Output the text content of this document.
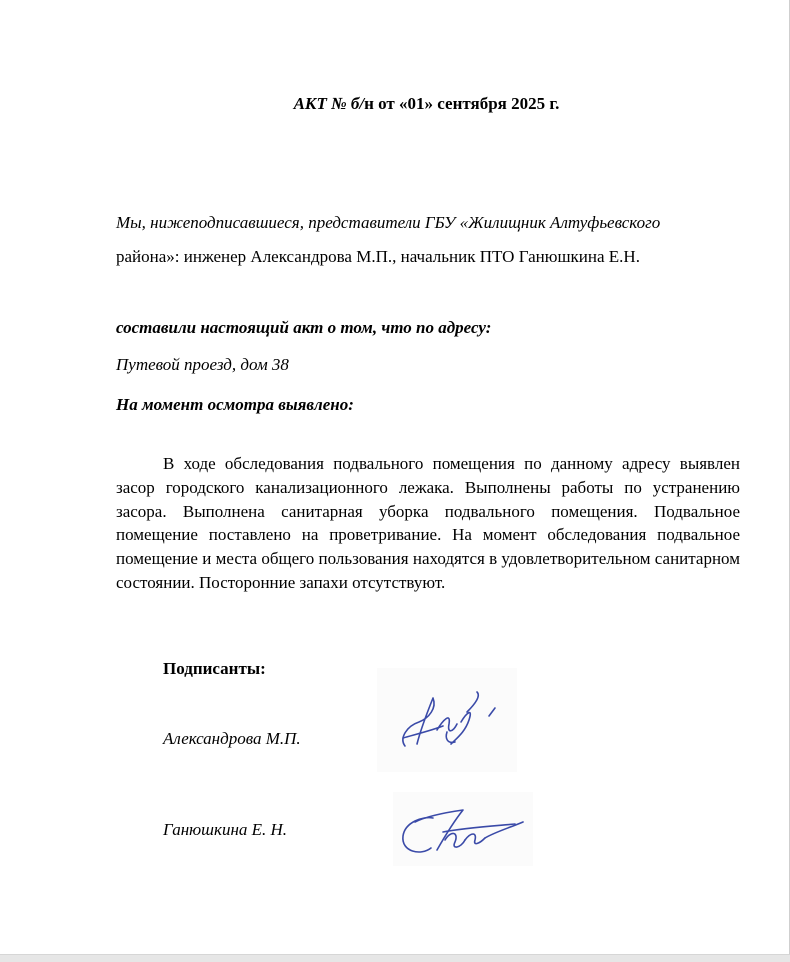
АКТ № б/н от «01» сентября 2025 г.
Мы, нижеподписавшиеся, представители ГБУ «Жилищник Алтуфьевского
района»: инженер Александрова М.П., начальник ПТО Ганюшкина Е.Н.
составили настоящий акт о том, что по адресу:
Путевой проезд, дом 38
На момент осмотра выявлено:
В ходе обследования подвального помещения по данному адресу выявлен засор городского канализационного лежака. Выполнены работы по устранению засора. Выполнена санитарная уборка подвального помещения. Подвальное помещение поставлено на проветривание. На момент обследования подвальное помещение и места общего пользования находятся в удовлетворительном санитарном состоянии. Посторонние запахи отсутствуют.
Подписанты:
Александрова М.П.
Ганюшкина Е. Н.
